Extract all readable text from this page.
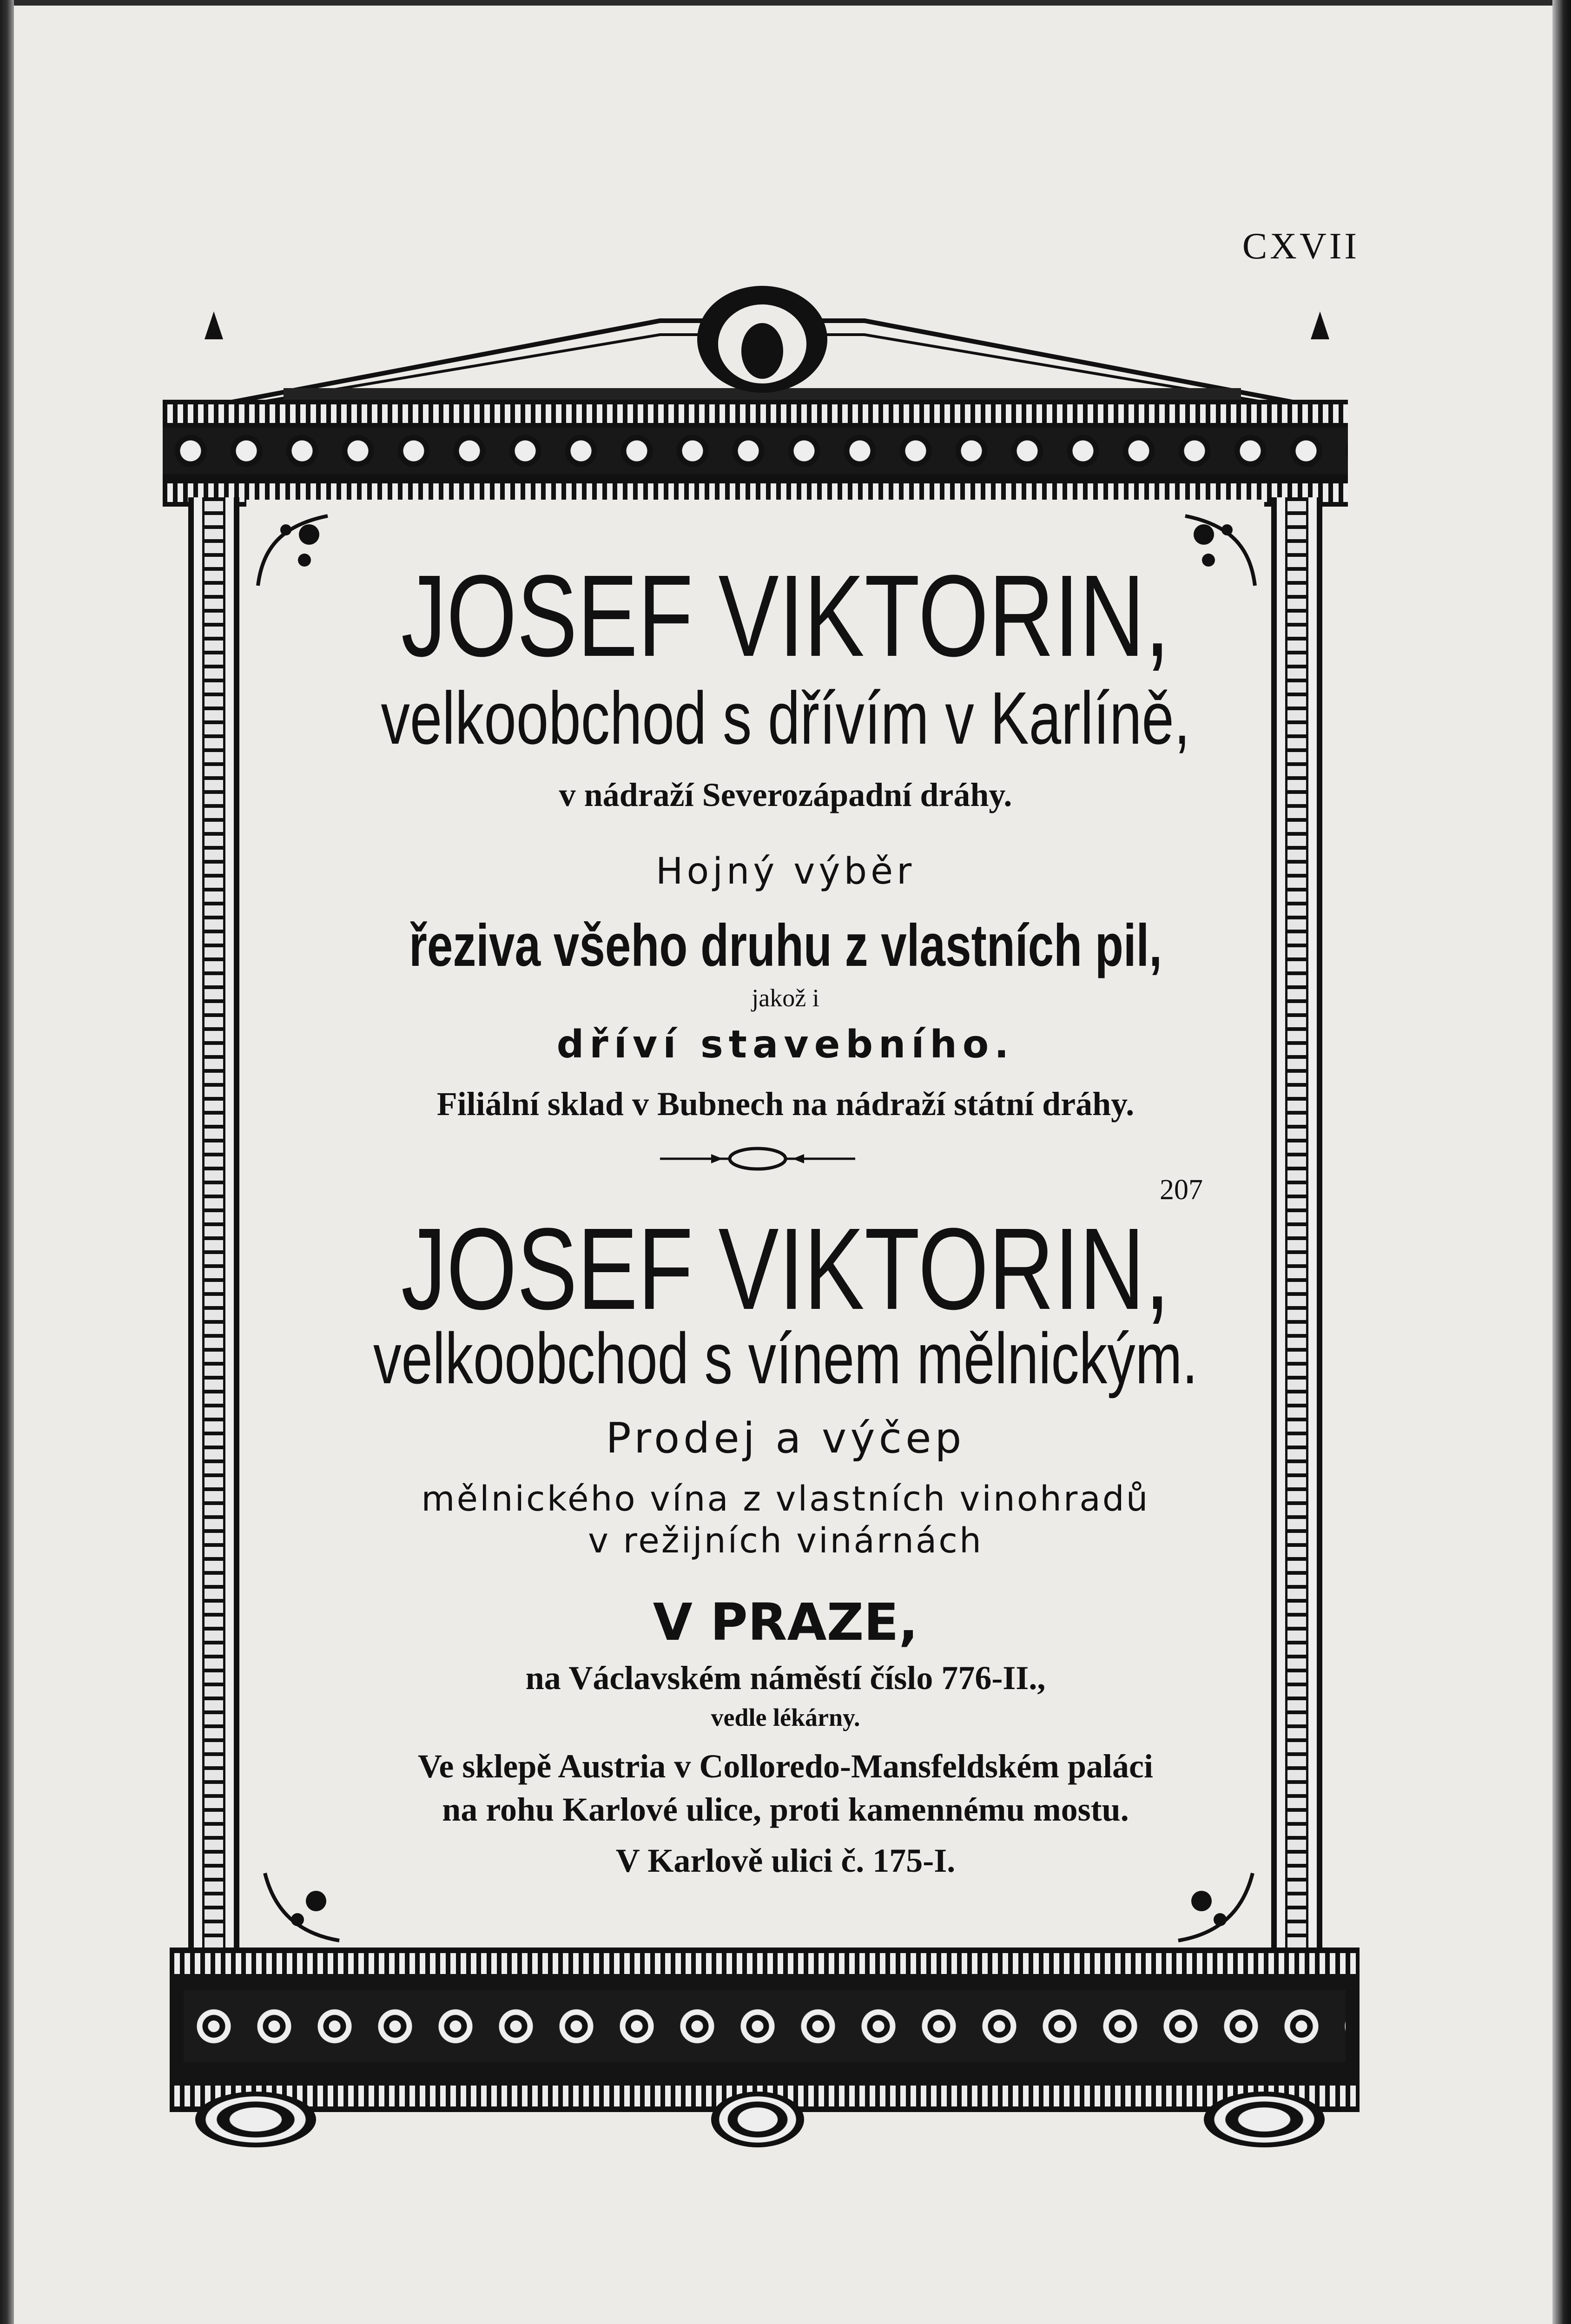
CXVII
JOSEF VIKTORIN,
velkoobchod s dřívím v Karlíně,
v nádraží Severozápadní dráhy.
Hojný výběr
řeziva všeho druhu z vlastních pil,
jakož i
dříví stavebního.
Filiální sklad v Bubnech na nádraží státní dráhy.
207
JOSEF VIKTORIN,
velkoobchod s vínem mělnickým.
Prodej a výčep
mělnického vína z vlastních vinohradů
v režijních vinárnách
V PRAZE,
na Václavském náměstí číslo 776-II.,
vedle lékárny.
Ve sklepě Austria v Colloredo-Mansfeldském paláci
na rohu Karlové ulice, proti kamennému mostu.
V Karlově ulici č. 175-I.
